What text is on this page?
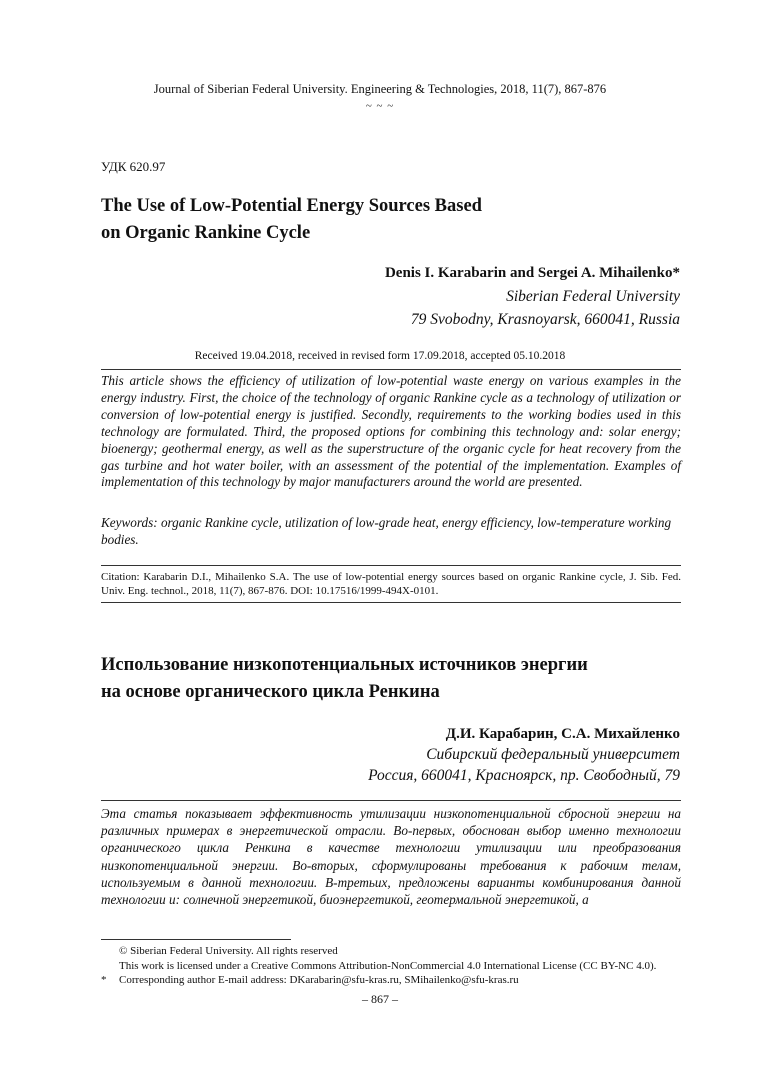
Journal of Siberian Federal University. Engineering & Technologies, 2018, 11(7), 867-876
~ ~ ~
УДК 620.97
The Use of Low-Potential Energy Sources Based
on Organic Rankine Cycle
Denis I. Karabarin and Sergei A. Mihailenko*
Siberian Federal University
79 Svobodny, Krasnoyarsk, 660041, Russia
Received 19.04.2018, received in revised form 17.09.2018, accepted 05.10.2018
This article shows the efficiency of utilization of low-potential waste energy on various examples in the energy industry. First, the choice of the technology of organic Rankine cycle as a technology of utilization or conversion of low-potential energy is justified. Secondly, requirements to the working bodies used in this technology are formulated. Third, the proposed options for combining this technology and: solar energy; bioenergy; geothermal energy, as well as the superstructure of the organic cycle for heat recovery from the gas turbine and hot water boiler, with an assessment of the potential of the implementation. Examples of implementation of this technology by major manufacturers around the world are presented.
Keywords: organic Rankine cycle, utilization of low-grade heat, energy efficiency, low-temperature working bodies.
Citation: Karabarin D.I., Mihailenko S.A. The use of low-potential energy sources based on organic Rankine cycle, J. Sib. Fed. Univ. Eng. technol., 2018, 11(7), 867-876. DOI: 10.17516/1999-494X-0101.
Использование низкопотенциальных источников энергии
на основе органического цикла Ренкина
Д.И. Карабарин, С.А. Михайленко
Сибирский федеральный университет
Россия, 660041, Красноярск, пр. Свободный, 79
Эта статья показывает эффективность утилизации низкопотенциальной сбросной энергии на различных примерах в энергетической отрасли. Во-первых, обоснован выбор именно технологии органического цикла Ренкина в качестве технологии утилизации или преобразования низкопотенциальной энергии. Во-вторых, сформулированы требования к рабочим телам, используемым в данной технологии. В-третьих, предложены варианты комбинирования данной технологии и: солнечной энергетикой, биоэнергетикой, геотермальной энергетикой, а
© Siberian Federal University. All rights reserved
This work is licensed under a Creative Commons Attribution-NonCommercial 4.0 International License (CC BY-NC 4.0).
*	Corresponding author E-mail address: DKarabarin@sfu-kras.ru, SMihailenko@sfu-kras.ru
– 867 –
